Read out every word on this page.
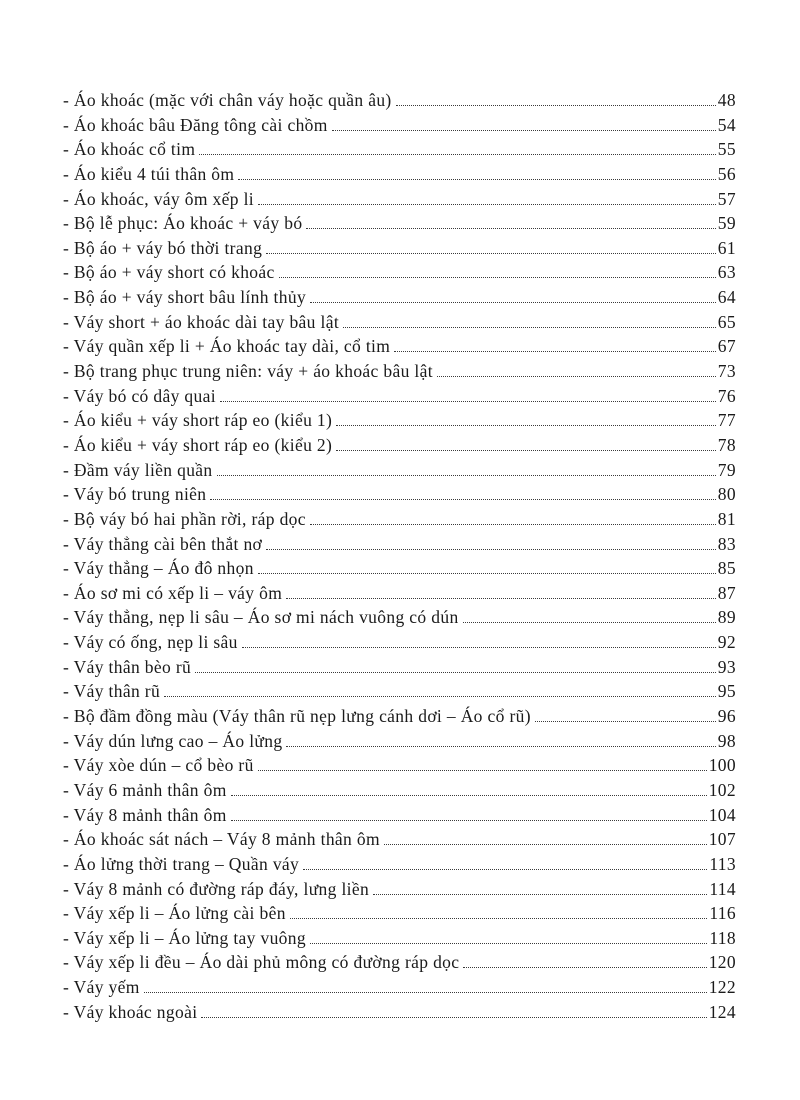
- Áo khoác (mặc với chân váy hoặc quần âu)	48
- Áo khoác bâu Đăng tông cài chồm	54
- Áo khoác cổ tim	55
- Áo kiểu 4 túi thân ôm	56
- Áo khoác, váy ôm xếp li	57
- Bộ lễ phục: Áo khoác + váy bó	59
- Bộ áo + váy bó thời trang	61
- Bộ áo + váy short có khoác	63
- Bộ áo + váy short bâu lính thủy	64
- Váy short + áo khoác dài tay bâu lật	65
- Váy quần xếp li + Áo khoác tay dài, cổ tim	67
- Bộ trang phục trung niên: váy + áo khoác bâu lật	73
- Váy bó có dây quai	76
- Áo kiểu + váy short ráp eo (kiểu 1)	77
- Áo kiểu + váy short ráp eo (kiểu 2)	78
- Đầm váy liền quần	79
- Váy bó trung niên	80
- Bộ váy bó hai phần rời, ráp dọc	81
- Váy thẳng cài bên thắt nơ	83
- Váy thẳng – Áo đô nhọn	85
- Áo sơ mi có xếp li – váy ôm	87
- Váy thẳng, nẹp li sâu – Áo sơ mi nách vuông có dún	89
- Váy có ống, nẹp li sâu	92
- Váy thân bèo rũ	93
- Váy thân rũ	95
- Bộ đầm đồng màu (Váy thân rũ nẹp lưng cánh dơi – Áo cổ rũ)	96
- Váy dún lưng cao – Áo lửng	98
- Váy xòe dún – cổ bèo rũ	100
- Váy 6 mảnh thân ôm	102
- Váy 8 mảnh thân ôm	104
- Áo khoác sát nách – Váy 8 mảnh thân ôm	107
- Áo lửng thời trang – Quần váy	113
- Váy 8 mảnh có đường ráp đáy, lưng liền	114
- Váy xếp li – Áo lửng cài bên	116
- Váy xếp li – Áo lửng tay vuông	118
- Váy xếp li đều – Áo dài phủ mông có đường ráp dọc	120
- Váy yếm	122
- Váy khoác ngoài	124
